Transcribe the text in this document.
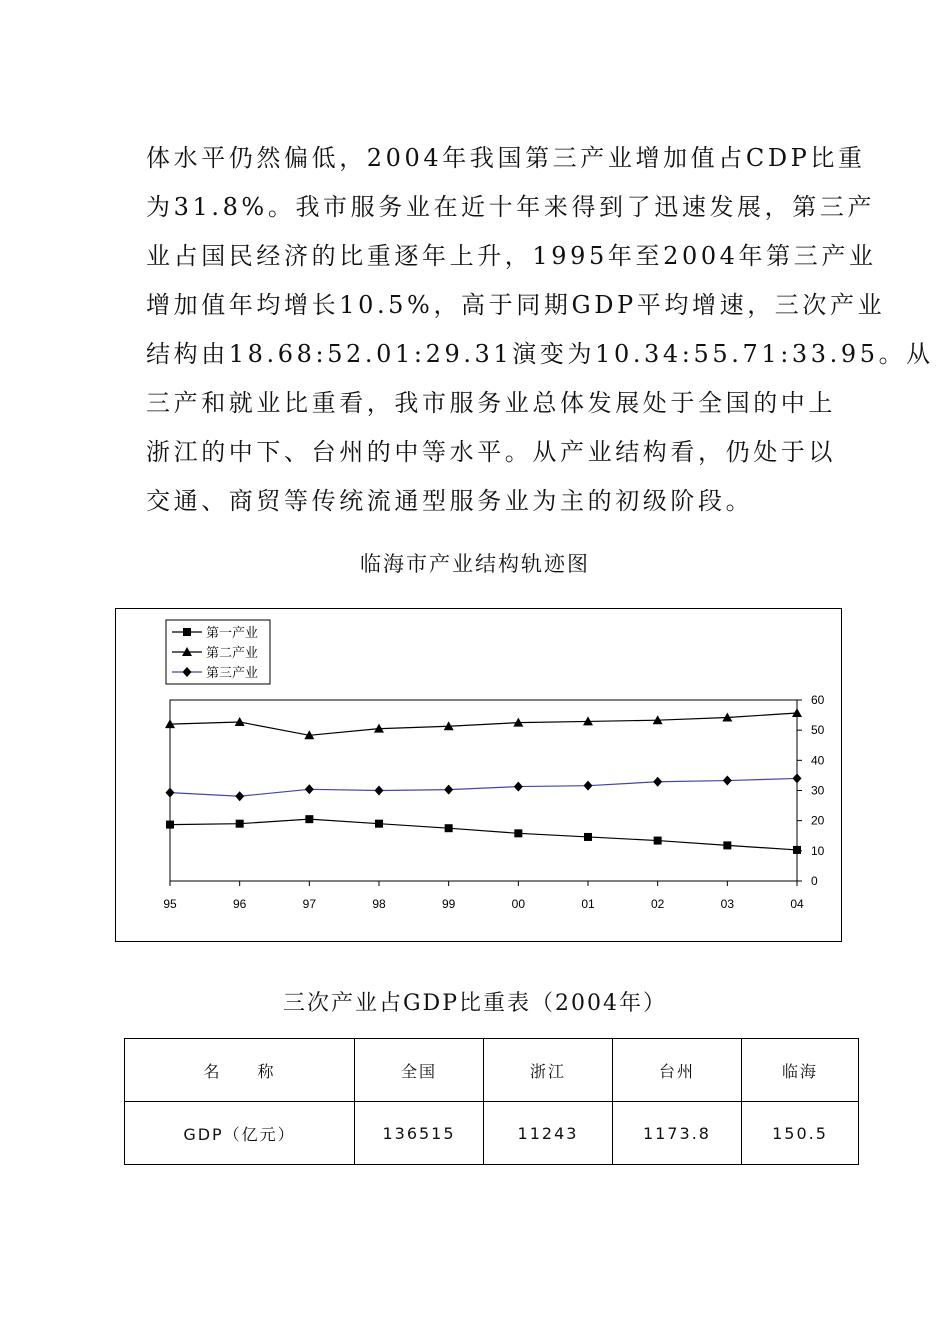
体水平仍然偏低，2004年我国第三产业增加值占CDP比重
为31.8%。我市服务业在近十年来得到了迅速发展，第三产
业占国民经济的比重逐年上升，1995年至2004年第三产业
增加值年均增长10.5%，高于同期GDP平均增速，三次产业
结构由18.68:52.01:29.31演变为10.34:55.71:33.95。从
三产和就业比重看，我市服务业总体发展处于全国的中上
浙江的中下、台州的中等水平。从产业结构看，仍处于以
交通、商贸等传统流通型服务业为主的初级阶段。
临海市产业结构轨迹图
60
50
40
30
20
10
0
95	96	97	98	99	00	01	02	03	04
第一产业
第二产业
第三产业
三次产业占GDP比重表（2004年）
名　　称	全国	浙江	台州	临海
GDP（亿元）	136515	11243	1173.8	150.5
